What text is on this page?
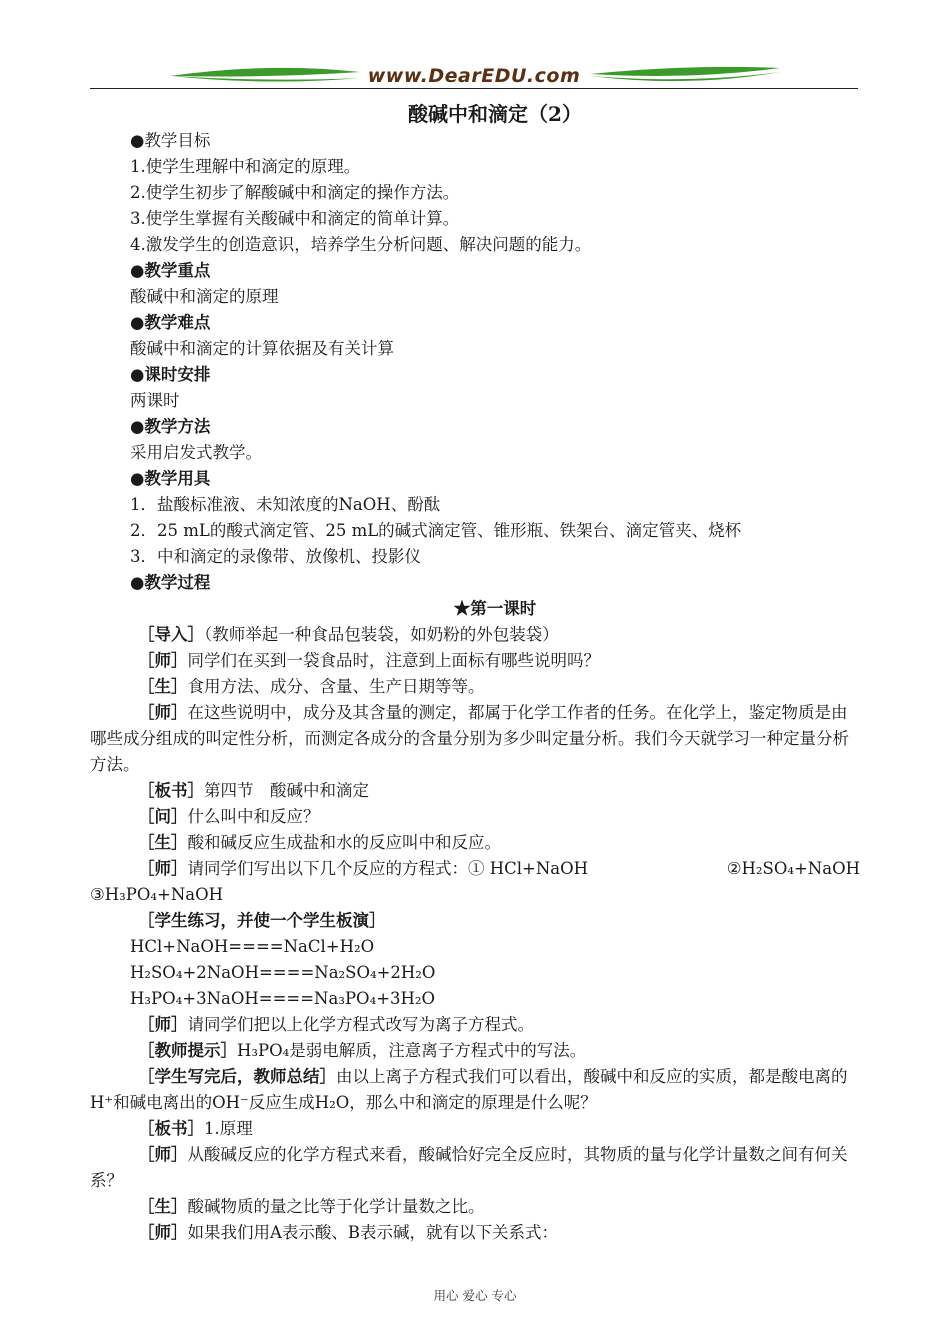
www.DearEDU.com
酸碱中和滴定（2）
●教学目标
1.使学生理解中和滴定的原理。
2.使学生初步了解酸碱中和滴定的操作方法。
3.使学生掌握有关酸碱中和滴定的简单计算。
4.激发学生的创造意识，培养学生分析问题、解决问题的能力。
●教学重点
酸碱中和滴定的原理
●教学难点
酸碱中和滴定的计算依据及有关计算
●课时安排
两课时
●教学方法
采用启发式教学。
●教学用具
1．盐酸标准液、未知浓度的NaOH、酚酞
2．25 mL的酸式滴定管、25 mL的碱式滴定管、锥形瓶、铁架台、滴定管夹、烧杯
3．中和滴定的录像带、放像机、投影仪
●教学过程
★第一课时
［导入］（教师举起一种食品包装袋，如奶粉的外包装袋）
［师］同学们在买到一袋食品时，注意到上面标有哪些说明吗？
［生］食用方法、成分、含量、生产日期等等。

［师］在这些说明中，成分及其含量的测定，都属于化学工作者的任务。在化学上，鉴定物质是由哪些成分组成的叫定性分析，而测定各成分的含量分别为多少叫定量分析。我们今天就学习一种定量分析方法。

［板书］第四节　酸碱中和滴定
［问］什么叫中和反应？
［生］酸和碱反应生成盐和水的反应叫中和反应。
［师］请同学们写出以下几个反应的方程式：① HCl+NaOH	②H₂SO₄+NaOH
③H₃PO₄+NaOH
［学生练习，并使一个学生板演］
HCl+NaOH====NaCl+H₂O
H₂SO₄+2NaOH====Na₂SO₄+2H₂O
H₃PO₄+3NaOH====Na₃PO₄+3H₂O
［师］请同学们把以上化学方程式改写为离子方程式。
［教师提示］H₃PO₄是弱电解质，注意离子方程式中的写法。

［学生写完后，教师总结］由以上离子方程式我们可以看出，酸碱中和反应的实质，都是酸电离的H⁺和碱电离出的OH⁻反应生成H₂O，那么中和滴定的原理是什么呢？

［板书］1.原理

［师］从酸碱反应的化学方程式来看，酸碱恰好完全反应时，其物质的量与化学计量数之间有何关系？

［生］酸碱物质的量之比等于化学计量数之比。
［师］如果我们用A表示酸、B表示碱，就有以下关系式：
用心 爱心 专心
